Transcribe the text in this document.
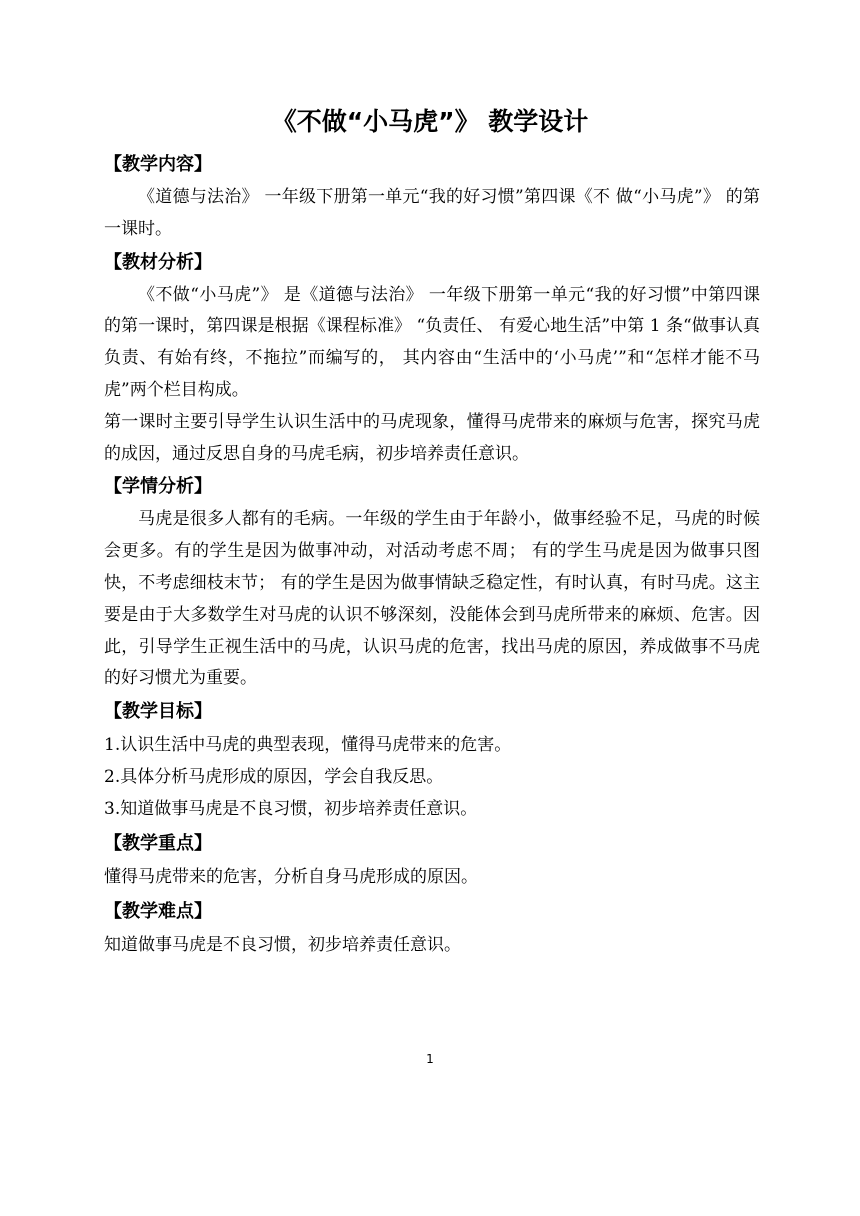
《不做“小马虎”》 教学设计
【教学内容】

《道德与法治》 一年级下册第一单元“我的好习惯”第四课《不 做“小马虎”》 的第一课时。

【教材分析】

《不做“小马虎”》 是《道德与法治》 一年级下册第一单元“我的好习惯”中第四课的第一课时，第四课是根据《课程标准》 “负责任、 有爱心地生活”中第 1 条“做事认真负责、有始有终，不拖拉”而编写的， 其内容由“生活中的‘小马虎’”和“怎样才能不马虎”两个栏目构成。

第一课时主要引导学生认识生活中的马虎现象，懂得马虎带来的麻烦与危害，探究马虎的成因，通过反思自身的马虎毛病，初步培养责任意识。

【学情分析】

马虎是很多人都有的毛病。一年级的学生由于年龄小，做事经验不足，马虎的时候会更多。有的学生是因为做事冲动，对活动考虑不周； 有的学生马虎是因为做事只图快，不考虑细枝末节； 有的学生是因为做事情缺乏稳定性，有时认真，有时马虎。这主要是由于大多数学生对马虎的认识不够深刻，没能体会到马虎所带来的麻烦、危害。因此，引导学生正视生活中的马虎，认识马虎的危害，找出马虎的原因，养成做事不马虎的好习惯尤为重要。

【教学目标】

1.认识生活中马虎的典型表现，懂得马虎带来的危害。

2.具体分析马虎形成的原因，学会自我反思。

3.知道做事马虎是不良习惯，初步培养责任意识。

【教学重点】

懂得马虎带来的危害，分析自身马虎形成的原因。

【教学难点】

知道做事马虎是不良习惯，初步培养责任意识。

1
